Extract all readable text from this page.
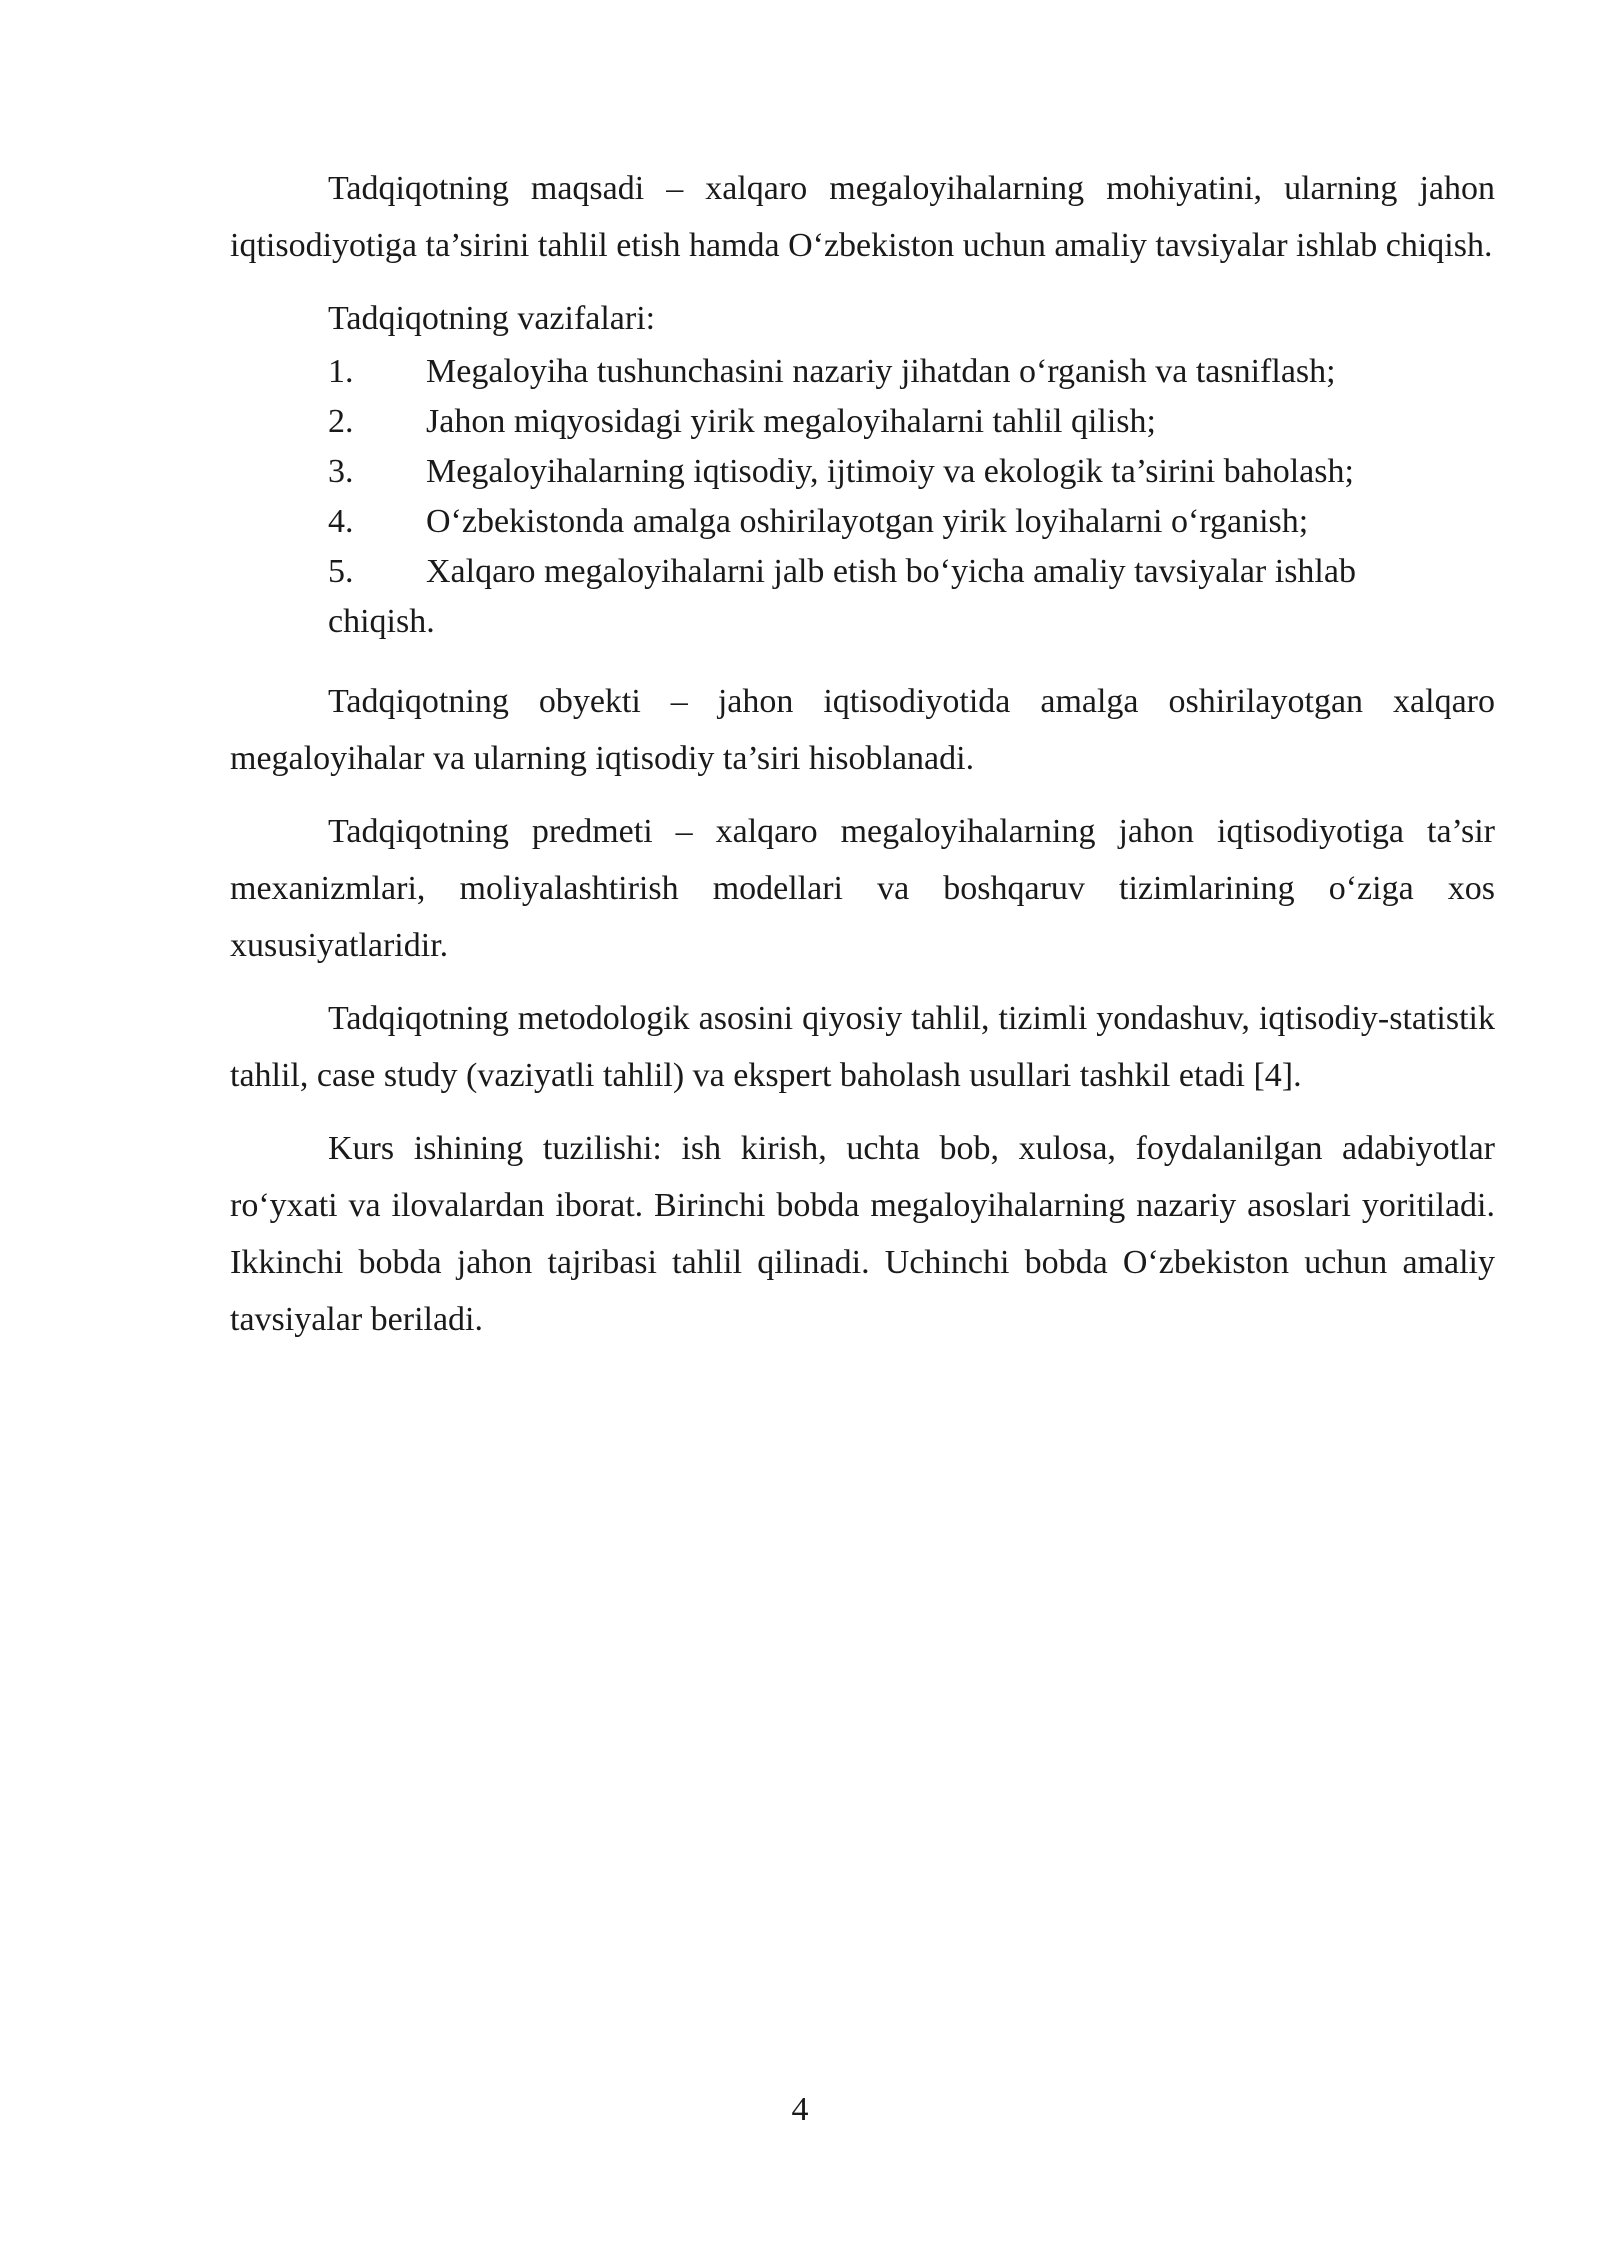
Tadqiqotning maqsadi – xalqaro megaloyihalarning mohiyatini, ularning jahon iqtisodiyotiga ta’sirini tahlil etish hamda O‘zbekiston uchun amaliy tavsiyalar ishlab chiqish.

Tadqiqotning vazifalari:

1.	Megaloyiha tushunchasini nazariy jihatdan o‘rganish va tasniflash;
2.	Jahon miqyosidagi yirik megaloyihalarni tahlil qilish;
3.	Megaloyihalarning iqtisodiy, ijtimoiy va ekologik ta’sirini baholash;
4.	O‘zbekistonda amalga oshirilayotgan yirik loyihalarni o‘rganish;
5.	Xalqaro megaloyihalarni jalb etish bo‘yicha amaliy tavsiyalar ishlab
chiqish.

Tadqiqotning obyekti – jahon iqtisodiyotida amalga oshirilayotgan xalqaro megaloyihalar va ularning iqtisodiy ta’siri hisoblanadi.

Tadqiqotning predmeti – xalqaro megaloyihalarning jahon iqtisodiyotiga ta’sir mexanizmlari, moliyalashtirish modellari va boshqaruv tizimlarining o‘ziga xos xususiyatlaridir.

Tadqiqotning metodologik asosini qiyosiy tahlil, tizimli yondashuv, iqtisodiy-statistik tahlil, case study (vaziyatli tahlil) va ekspert baholash usullari tashkil etadi [4].

Kurs ishining tuzilishi: ish kirish, uchta bob, xulosa, foydalanilgan adabiyotlar ro‘yxati va ilovalardan iborat. Birinchi bobda megaloyihalarning nazariy asoslari yoritiladi. Ikkinchi bobda jahon tajribasi tahlil qilinadi. Uchinchi bobda O‘zbekiston uchun amaliy tavsiyalar beriladi.

4
